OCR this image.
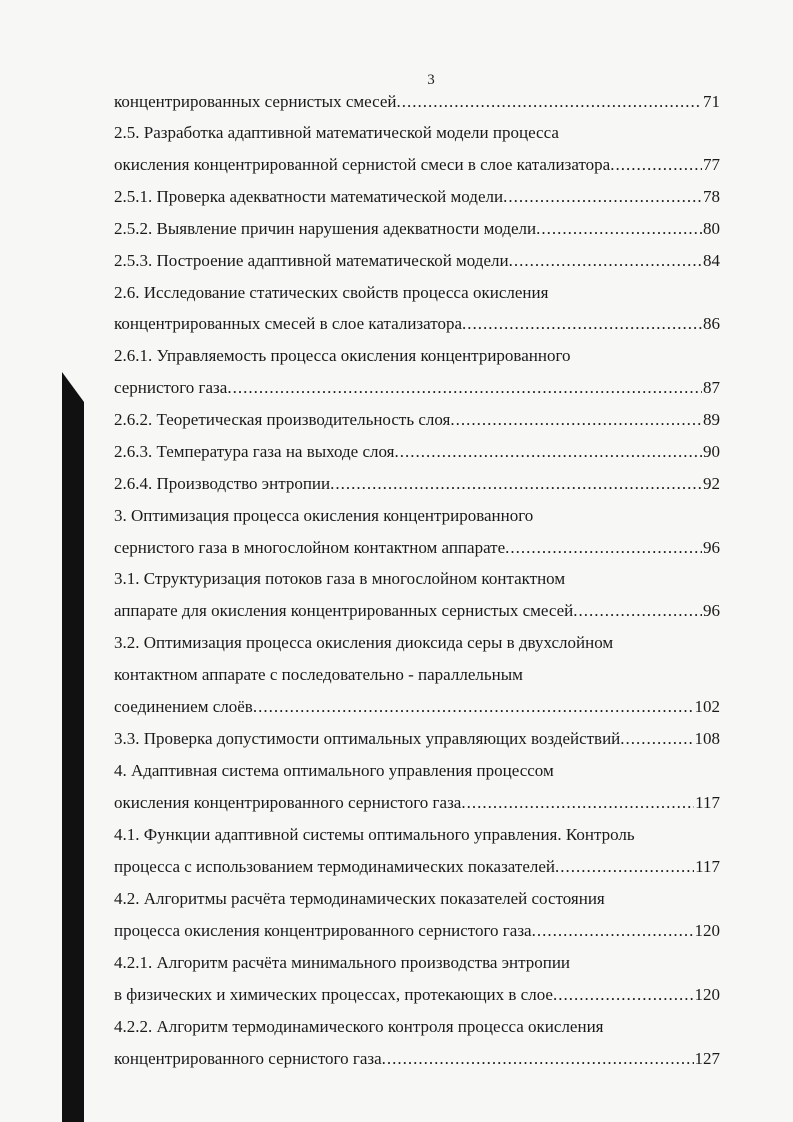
3
концентрированных сернистых смесей .....	71
2.5. Разработка адаптивной математической модели процесса
окисления концентрированной сернистой смеси в слое катализатора .....	77
2.5.1. Проверка адекватности математической модели .....	78
2.5.2. Выявление причин нарушения адекватности модели .....	80
2.5.3. Построение адаптивной математической модели .....	84
2.6. Исследование статических свойств процесса окисления
концентрированных смесей в слое катализатора .....	86
2.6.1. Управляемость процесса окисления концентрированного
сернистого газа .....	87
2.6.2. Теоретическая производительность слоя .....	89
2.6.3. Температура газа на выходе слоя .....	90
2.6.4. Производство энтропии .....	92
3. Оптимизация процесса окисления концентрированного
сернистого газа в многослойном контактном аппарате .....	96
3.1. Структуризация потоков газа в многослойном контактном
аппарате для окисления концентрированных сернистых смесей .....	96
3.2. Оптимизация процесса окисления диоксида серы в двухслойном
контактном аппарате с последовательно - параллельным
соединением слоёв .....	102
3.3. Проверка допустимости оптимальных управляющих воздействий .....	108
4. Адаптивная система оптимального управления процессом
окисления концентрированного сернистого газа .....	117
4.1. Функции адаптивной системы оптимального управления. Контроль
процесса с использованием термодинамических показателей .....	117
4.2. Алгоритмы расчёта термодинамических показателей состояния
процесса окисления концентрированного сернистого газа .....	120
4.2.1. Алгоритм расчёта минимального производства энтропии
в физических и химических процессах, протекающих в слое .....	120
4.2.2. Алгоритм термодинамического контроля процесса окисления
концентрированного сернистого газа .....	127
